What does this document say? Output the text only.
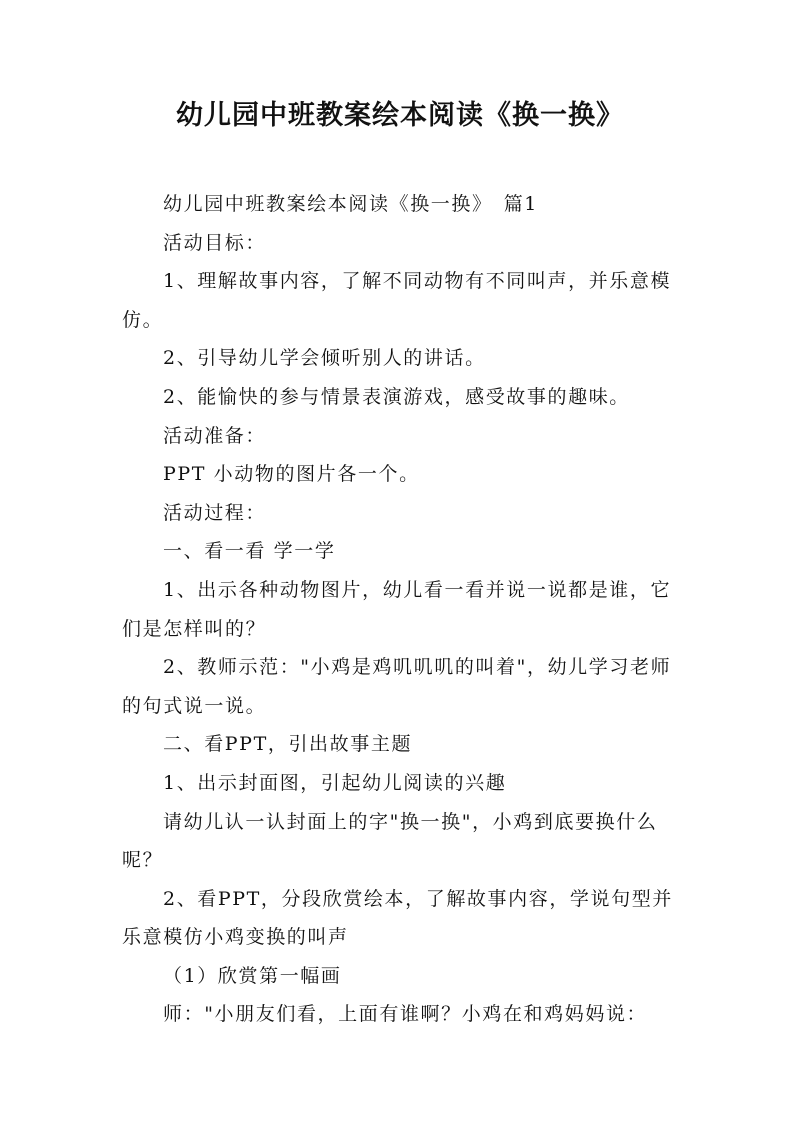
幼儿园中班教案绘本阅读《换一换》

幼儿园中班教案绘本阅读《换一换》　篇1

活动目标：

1、理解故事内容，了解不同动物有不同叫声，并乐意模仿。

2、引导幼儿学会倾听别人的讲话。

2、能愉快的参与情景表演游戏，感受故事的趣味。

活动准备：

PPT 小动物的图片各一个。

活动过程：

一、看一看 学一学

1、出示各种动物图片，幼儿看一看并说一说都是谁，它们是怎样叫的？

2、教师示范："小鸡是鸡叽叽叽的叫着"，幼儿学习老师的句式说一说。

二、看PPT，引出故事主题

1、出示封面图，引起幼儿阅读的兴趣

请幼儿认一认封面上的字"换一换"，小鸡到底要换什么呢？

2、看PPT，分段欣赏绘本，了解故事内容，学说句型并乐意模仿小鸡变换的叫声

（1）欣赏第一幅画

师："小朋友们看，上面有谁啊？小鸡在和鸡妈妈说：
